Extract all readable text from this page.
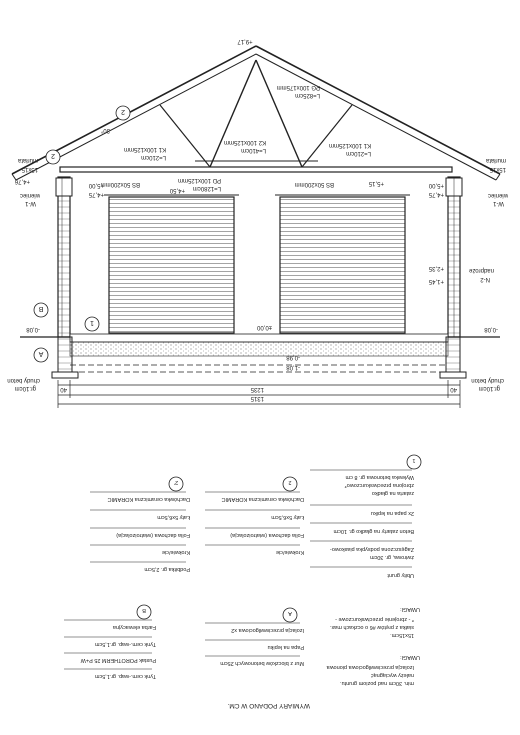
+9,17
PG 100x175mm
L=825cm
K2 100x125mm
L=410cm
K1 100x125mm
L=210cm
K1 100x125mm
L=210cm
PD 100x125mm
L=1280cm
BS 50x200mm	BS 50x200mm
30°
+5,00
+4,75
+4,50
+5,15	+5,00
+4,75
+4,76
+2,35
+1,45
±0,00
-0,08	-0,08
-0,98
-1,08
murłata
15x15
wieniec
W-1
murłata
15x15
wieniec
W-1
nadproże
N-2
chudy beton
gr.10cm
chudy beton
gr.10cm
1235
1315
40	40
1
2
2
A
B
1
Wylewka betonowa gr. 8 cm
zbrojona przeciwskurczowo*
zatarta na gładko
2x papa na lepiku
Beton zatarty na gładko gr. 10cm
Zagęszczona podsypka piaskowo-
żwirowa, gr. 30cm
Ubity grunt
2
Dachówka ceramiczna KORAMIC
Łaty 5x6,5cm
Folia dachowa (wiatroizolacja)
Krokwie/cie
2'
Dachówka ceramiczna KORAMIC
Łaty 5x6,5cm
Folia dachowa (wiatroizolacja)
Krokwie/cie
Podbitka gr. 2,5cm
UWAGI:
* - zbrojenie przeciwskurczowe -
siatka z prętów #6 o oczkach max.
15x15cm.
A
Izolacja przeciwwilgociowa x2
Papa na lepiku
Mur z bloczków betonowych 25cm
B
Farba elewacyjna
Tynk cem.-wap. gr.1,5cm
Pustak POROTHERM 25 P+W
Tynk cem.-wap. gr.1,5cm
UWAGI:
Izolacja przeciwwilgociowa pionowa
należy wyciągnąć
min. 30cm nad poziom gruntu.
WYMIARY PODANO W CM.
